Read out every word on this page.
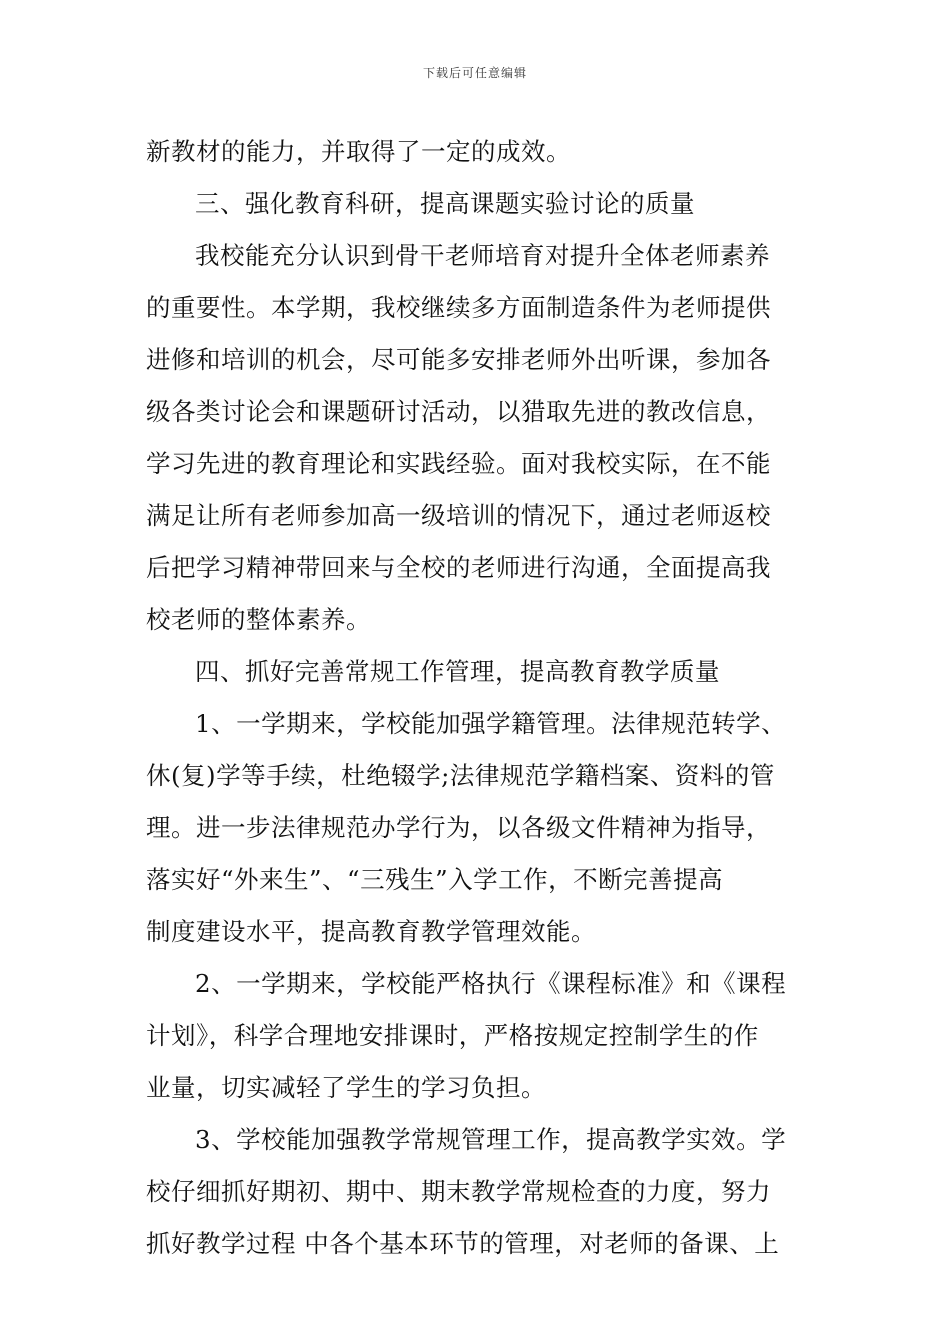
下载后可任意编辑
新教材的能力，并取得了一定的成效。
三、强化教育科研，提高课题实验讨论的质量
我校能充分认识到骨干老师培育对提升全体老师素养
的重要性。本学期，我校继续多方面制造条件为老师提供
进修和培训的机会，尽可能多安排老师外出听课，参加各
级各类讨论会和课题研讨活动，以猎取先进的教改信息，
学习先进的教育理论和实践经验。面对我校实际，在不能
满足让所有老师参加高一级培训的情况下，通过老师返校
后把学习精神带回来与全校的老师进行沟通，全面提高我
校老师的整体素养。
四、抓好完善常规工作管理，提高教育教学质量
1、一学期来，学校能加强学籍管理。法律规范转学、
休(复)学等手续，杜绝辍学;法律规范学籍档案、资料的管
理。进一步法律规范办学行为，以各级文件精神为指导，
落实好“外来生”、“三残生”入学工作，不断完善提高
制度建设水平，提高教育教学管理效能。
2、一学期来，学校能严格执行《课程标准》和《课程
计划》，科学合理地安排课时，严格按规定控制学生的作
业量，切实减轻了学生的学习负担。
3、学校能加强教学常规管理工作，提高教学实效。学
校仔细抓好期初、期中、期末教学常规检查的力度，努力
抓好教学过程 中各个基本环节的管理，对老师的备课、上
